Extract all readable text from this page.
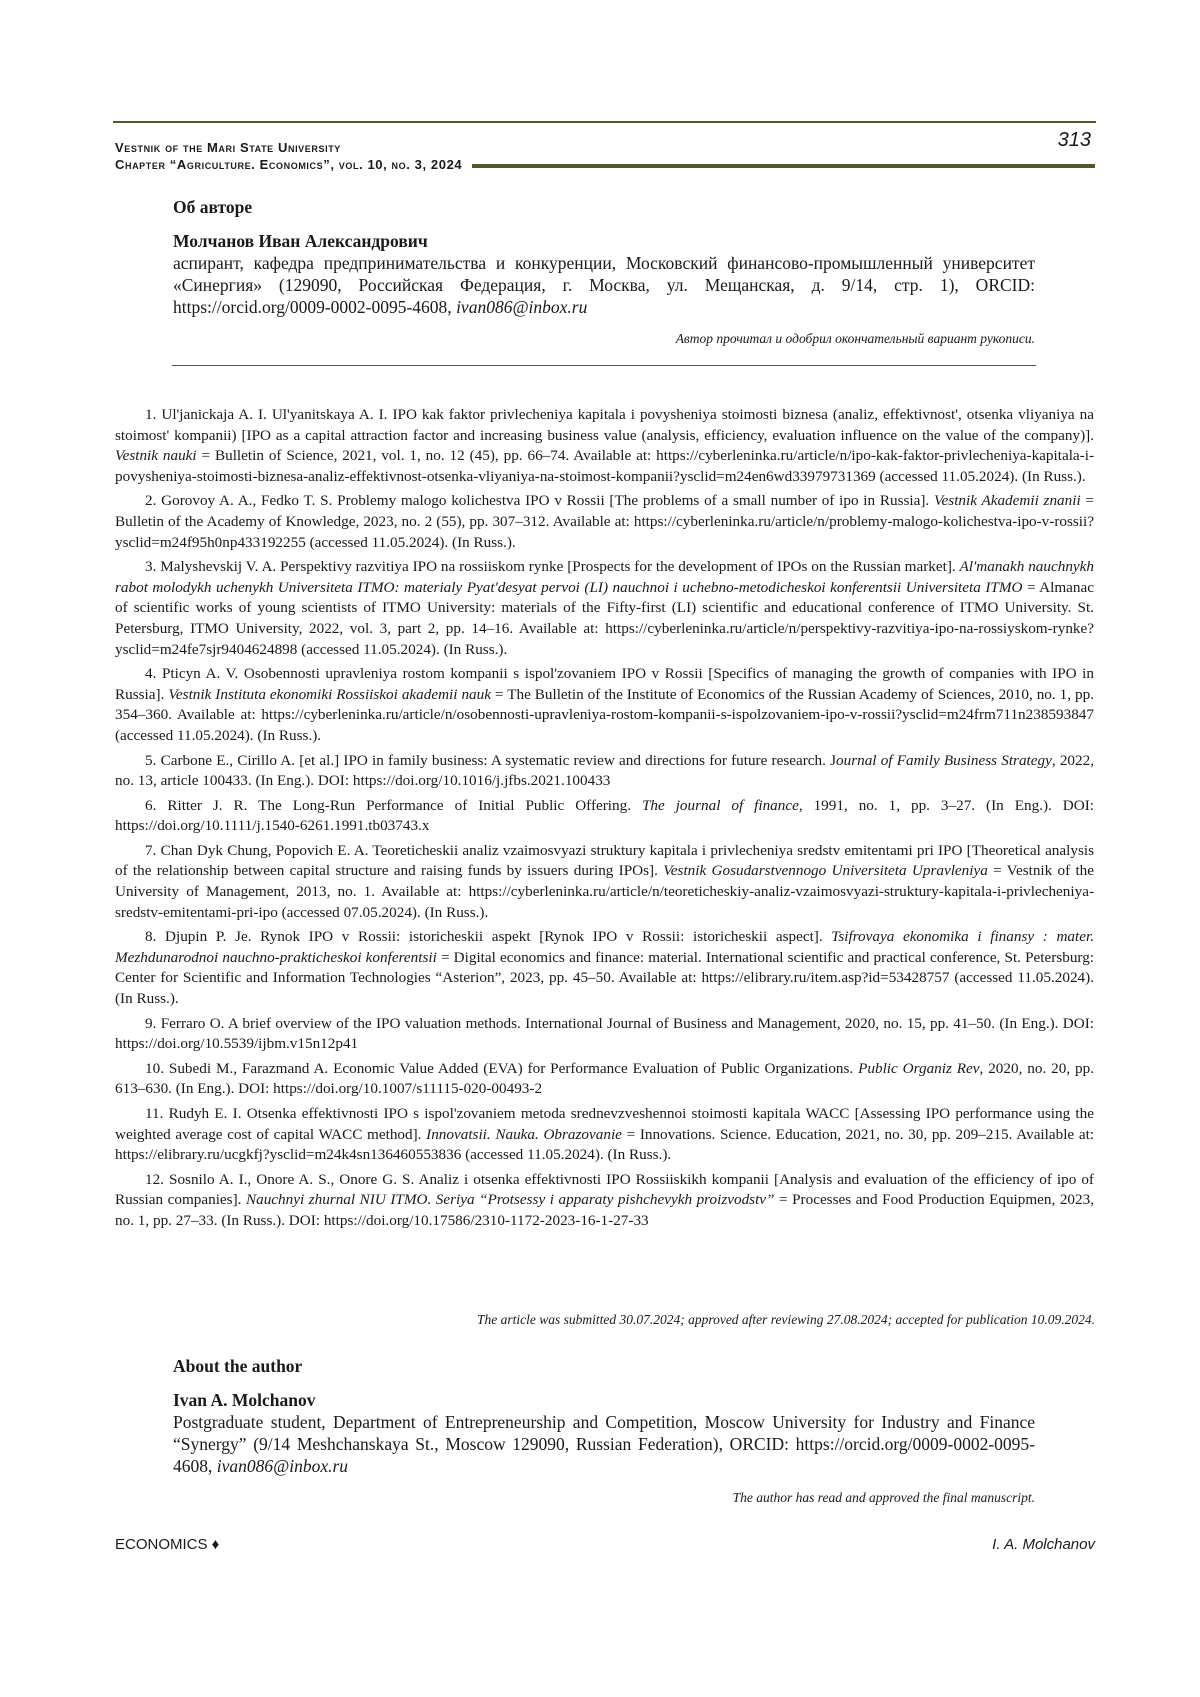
Vestnik of the Mari State University
Chapter “Agriculture. Economics”, vol. 10, no. 3, 2024
313
Об авторе
Молчанов Иван Александрович
аспирант, кафедра предпринимательства и конкуренции, Московский финансово-промышленный университет «Синергия» (129090, Российская Федерация, г. Москва, ул. Мещанская, д. 9/14, стр. 1), ORCID: https://orcid.org/0009-0002-0095-4608, ivan086@inbox.ru
Автор прочитал и одобрил окончательный вариант рукописи.

1. Ul'janickaja A. I. Ul'yanitskaya A. I. IPO kak faktor privlecheniya kapitala i povysheniya stoimosti biznesa (analiz, effektivnost', otsenka vliyaniya na stoimost' kompanii) [IPO as a capital attraction factor and increasing business value (analysis, efficiency, evaluation influence on the value of the company)]. Vestnik nauki = Bulletin of Science, 2021, vol. 1, no. 12 (45), pp. 66–74. Available at: https://cyberleninka.ru/article/n/ipo-kak-faktor-privlecheniya-kapitala-i-povysheniya-stoimosti-biznesa-analiz-effektivnost-otsenka-vliyaniya-na-stoimost-kompanii?ysclid=m24en6wd33979731369 (accessed 11.05.2024). (In Russ.).

2. Gorovoy A. A., Fedko T. S. Problemy malogo kolichestva IPO v Rossii [The problems of a small number of ipo in Russia]. Vestnik Akademii znanii = Bulletin of the Academy of Knowledge, 2023, no. 2 (55), pp. 307–312. Available at: https://cyberleninka.ru/article/n/problemy-malogo-kolichestva-ipo-v-rossii?ysclid=m24f95h0np433192255 (accessed 11.05.2024). (In Russ.).

3. Malyshevskij V. A. Perspektivy razvitiya IPO na rossiiskom rynke [Prospects for the development of IPOs on the Russian market]. Al'manakh nauchnykh rabot molodykh uchenykh Universiteta ITMO: materialy Pyat'desyat pervoi (LI) nauchnoi i uchebno-metodicheskoi konferentsii Universiteta ITMO = Almanac of scientific works of young scientists of ITMO University: materials of the Fifty-first (LI) scientific and educational conference of ITMO University. St. Petersburg, ITMO University, 2022, vol. 3, part 2, pp. 14–16. Available at: https://cyberleninka.ru/article/n/perspektivy-razvitiya-ipo-na-rossiyskom-rynke?ysclid=m24fe7sjr9404624898 (accessed 11.05.2024). (In Russ.).

4. Pticyn A. V. Osobennosti upravleniya rostom kompanii s ispol'zovaniem IPO v Rossii [Specifics of managing the growth of companies with IPO in Russia]. Vestnik Instituta ekonomiki Rossiiskoi akademii nauk = The Bulletin of the Institute of Economics of the Russian Academy of Sciences, 2010, no. 1, pp. 354–360. Available at: https://cyberleninka.ru/article/n/osobennosti-upravleniya-rostom-kompanii-s-ispolzovaniem-ipo-v-rossii?ysclid=m24frm711n238593847 (accessed 11.05.2024). (In Russ.).

5. Carbone E., Cirillo A. [et al.] IPO in family business: A systematic review and directions for future research. Journal of Family Business Strategy, 2022, no. 13, article 100433. (In Eng.). DOI: https://doi.org/10.1016/j.jfbs.2021.100433

6. Ritter J. R. The Long-Run Performance of Initial Public Offering. The journal of finance, 1991, no. 1, pp. 3–27. (In Eng.). DOI: https://doi.org/10.1111/j.1540-6261.1991.tb03743.x

7. Chan Dyk Chung, Popovich E. A. Teoreticheskii analiz vzaimosvyazi struktury kapitala i privlecheniya sredstv emitentami pri IPO [Theoretical analysis of the relationship between capital structure and raising funds by issuers during IPOs]. Vestnik Gosudarstvennogo Universiteta Upravleniya = Vestnik of the University of Management, 2013, no. 1. Available at: https://cyberleninka.ru/article/n/teoreticheskiy-analiz-vzaimosvyazi-struktury-kapitala-i-privlecheniya-sredstv-emitentami-pri-ipo (accessed 07.05.2024). (In Russ.).

8. Djupin P. Je. Rynok IPO v Rossii: istoricheskii aspekt [Rynok IPO v Rossii: istoricheskii aspect]. Tsifrovaya ekonomika i finansy : mater. Mezhdunarodnoi nauchno-prakticheskoi konferentsii = Digital economics and finance: material. International scientific and practical conference, St. Petersburg: Center for Scientific and Information Technologies “Asterion”, 2023, pp. 45–50. Available at: https://elibrary.ru/item.asp?id=53428757 (accessed 11.05.2024). (In Russ.).

9. Ferraro O. A brief overview of the IPO valuation methods. International Journal of Business and Management, 2020, no. 15, pp. 41–50. (In Eng.). DOI: https://doi.org/10.5539/ijbm.v15n12p41

10. Subedi M., Farazmand A. Economic Value Added (EVA) for Performance Evaluation of Public Organizations. Public Organiz Rev, 2020, no. 20, pp. 613–630. (In Eng.). DOI: https://doi.org/10.1007/s11115-020-00493-2

11. Rudyh E. I. Otsenka effektivnosti IPO s ispol'zovaniem metoda srednevzveshennoi stoimosti kapitala WACC [Assessing IPO performance using the weighted average cost of capital WACC method]. Innovatsii. Nauka. Obrazovanie = Innovations. Science. Education, 2021, no. 30, pp. 209–215. Available at: https://elibrary.ru/ucgkfj?ysclid=m24k4sn136460553836 (accessed 11.05.2024). (In Russ.).

12. Sosnilo A. I., Onore A. S., Onore G. S. Analiz i otsenka effektivnosti IPO Rossiiskikh kompanii [Analysis and evaluation of the efficiency of ipo of Russian companies]. Nauchnyi zhurnal NIU ITMO. Seriya “Protsessy i apparaty pishchevykh proizvodstv” = Processes and Food Production Equipmen, 2023, no. 1, pp. 27–33. (In Russ.). DOI: https://doi.org/10.17586/2310-1172-2023-16-1-27-33

The article was submitted 30.07.2024; approved after reviewing 27.08.2024; accepted for publication 10.09.2024.
About the author
Ivan A. Molchanov
Postgraduate student, Department of Entrepreneurship and Competition, Moscow University for Industry and Finance “Synergy” (9/14 Meshchanskaya St., Moscow 129090, Russian Federation), ORCID: https://orcid.org/0009-0002-0095-4608, ivan086@inbox.ru
The author has read and approved the final manuscript.
ECONOMICS ♦	I. A. Molchanov
